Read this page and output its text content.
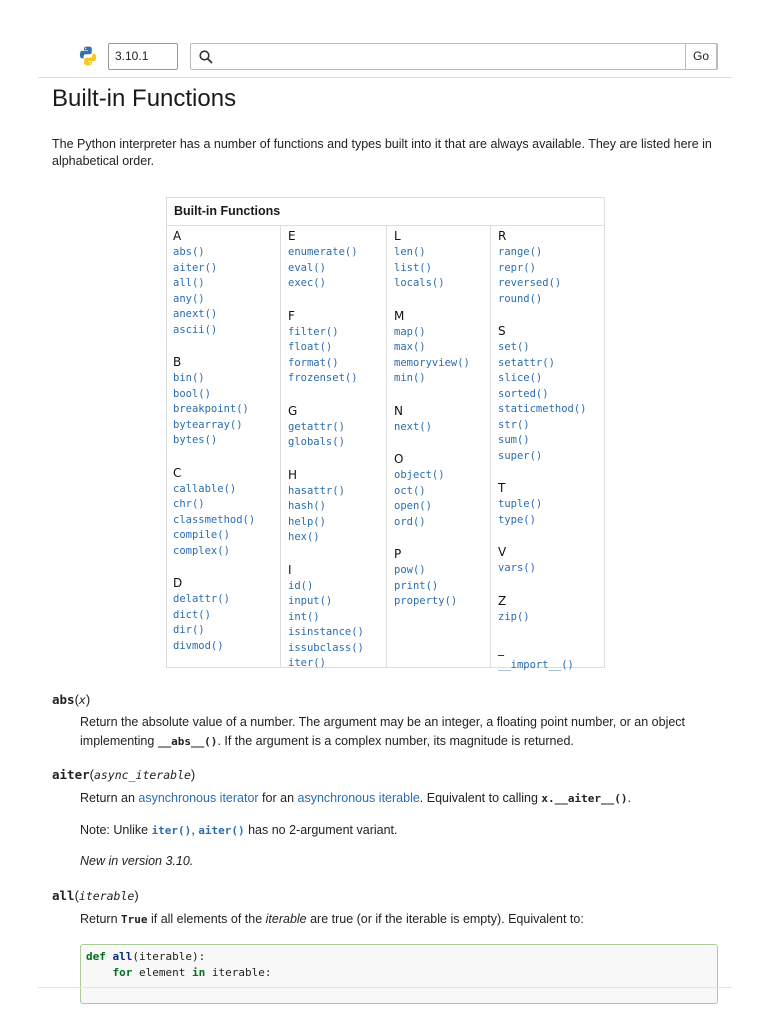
3.10.1	Go
Built-in Functions

The Python interpreter has a number of functions and types built into it that are always available. They are listed here in alphabetical order.

Built-in Functions
A
abs()
aiter()
all()
any()
anext()
ascii()
B
bin()
bool()
breakpoint()
bytearray()
bytes()
C
callable()
chr()
classmethod()
compile()
complex()
D
delattr()
dict()
dir()
divmod()
E
enumerate()
eval()
exec()
F
filter()
float()
format()
frozenset()
G
getattr()
globals()
H
hasattr()
hash()
help()
hex()
I
id()
input()
int()
isinstance()
issubclass()
iter()
L
len()
list()
locals()
M
map()
max()
memoryview()
min()
N
next()
O
object()
oct()
open()
ord()
P
pow()
print()
property()
R
range()
repr()
reversed()
round()
S
set()
setattr()
slice()
sorted()
staticmethod()
str()
sum()
super()
T
tuple()
type()
V
vars()
Z
zip()
_
__import__()
abs(x)

Return the absolute value of a number. The argument may be an integer, a floating point number, or an object implementing __abs__(). If the argument is a complex number, its magnitude is returned.

aiter(async_iterable)

Return an asynchronous iterator for an asynchronous iterable. Equivalent to calling x.__aiter__().

Note: Unlike iter(), aiter() has no 2-argument variant.

New in version 3.10.

all(iterable)

Return True if all elements of the iterable are true (or if the iterable is empty). Equivalent to:

def all(iterable):
for element in iterable:
